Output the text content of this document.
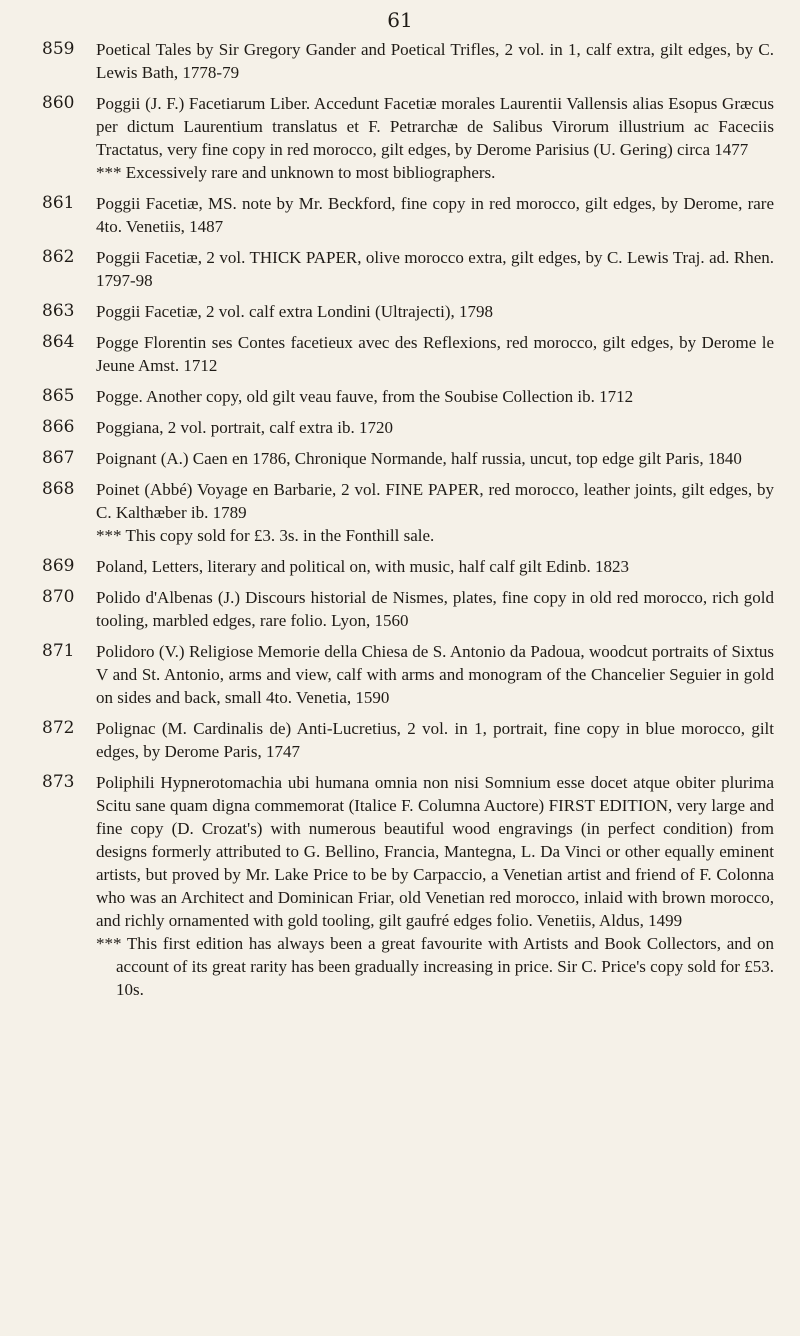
61
859	Poetical Tales by Sir Gregory Gander and Poetical Trifles, 2 vol. in 1, calf extra, gilt edges, by C. Lewis Bath, 1778-79
860	Poggii (J. F.) Facetiarum Liber. Accedunt Facetiæ morales Laurentii Vallensis alias Esopus Græcus per dictum Laurentium translatus et F. Petrarchæ de Salibus Virorum illustrium ac Faceciis Tractatus, very fine copy in red morocco, gilt edges, by Derome Parisius (U. Gering) circa 1477
*** Excessively rare and unknown to most bibliographers.
861	Poggii Facetiæ, MS. note by Mr. Beckford, fine copy in red morocco, gilt edges, by Derome, rare 4to. Venetiis, 1487
862	Poggii Facetiæ, 2 vol. THICK PAPER, olive morocco extra, gilt edges, by C. Lewis Traj. ad. Rhen. 1797-98
863	Poggii Facetiæ, 2 vol. calf extra Londini (Ultrajecti), 1798
864	Pogge Florentin ses Contes facetieux avec des Reflexions, red morocco, gilt edges, by Derome le Jeune Amst. 1712
865	Pogge. Another copy, old gilt veau fauve, from the Soubise Collection ib. 1712
866	Poggiana, 2 vol. portrait, calf extra ib. 1720
867	Poignant (A.) Caen en 1786, Chronique Normande, half russia, uncut, top edge gilt Paris, 1840
868	Poinet (Abbé) Voyage en Barbarie, 2 vol. FINE PAPER, red morocco, leather joints, gilt edges, by C. Kalthæber ib. 1789
*** This copy sold for £3. 3s. in the Fonthill sale.
869	Poland, Letters, literary and political on, with music, half calf gilt Edinb. 1823
870	Polido d'Albenas (J.) Discours historial de Nismes, plates, fine copy in old red morocco, rich gold tooling, marbled edges, rare folio. Lyon, 1560
871	Polidoro (V.) Religiose Memorie della Chiesa de S. Antonio da Padoua, woodcut portraits of Sixtus V and St. Antonio, arms and view, calf with arms and monogram of the Chancelier Seguier in gold on sides and back, small 4to. Venetia, 1590
872	Polignac (M. Cardinalis de) Anti-Lucretius, 2 vol. in 1, portrait, fine copy in blue morocco, gilt edges, by Derome Paris, 1747
873	Poliphili Hypnerotomachia ubi humana omnia non nisi Somnium esse docet atque obiter plurima Scitu sane quam digna commemorat (Italice F. Columna Auctore) FIRST EDITION, very large and fine copy (D. Crozat's) with numerous beautiful wood engravings (in perfect condition) from designs formerly attributed to G. Bellino, Francia, Mantegna, L. Da Vinci or other equally eminent artists, but proved by Mr. Lake Price to be by Carpaccio, a Venetian artist and friend of F. Colonna who was an Architect and Dominican Friar, old Venetian red morocco, inlaid with brown morocco, and richly ornamented with gold tooling, gilt gaufré edges folio. Venetiis, Aldus, 1499
*** This first edition has always been a great favourite with Artists and Book Collectors, and on account of its great rarity has been gradually increasing in price. Sir C. Price's copy sold for £53. 10s.
